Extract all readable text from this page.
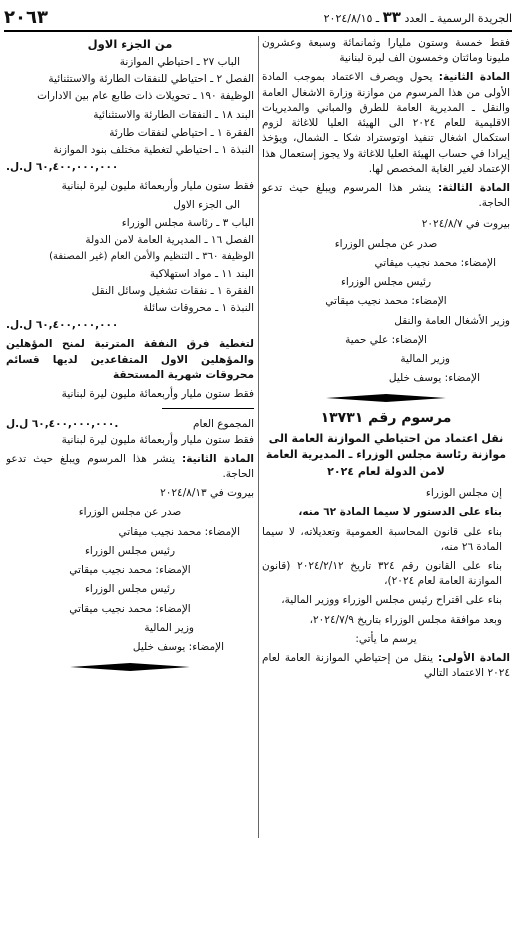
الجريدة الرسمية ـ العدد ٣٣ ـ ٢٠٢٤/٨/١٥
٢٠٦٣

فقط خمسة وستون مليارا وثمانمائة وسبعة وعشرون مليونا ومائتان وخمسون الف ليرة لبنانية

المادة الثانية: يحول ويصرف الاعتماد بموجب المادة الأولى من هذا المرسوم من موازنة وزارة الاشغال العامة والنقل ـ المديرية العامة للطرق والمباني والمديريات الاقليمية للعام ٢٠٢٤ الى الهيئة العليا للاغاثة لزوم استكمال اشغال تنفيذ اوتوستراد شكا ـ الشمال، ويؤخذ إيرادا في حساب الهيئة العليا للاغاثة ولا يجوز إستعمال هذا الإعتماد لغير الغاية المخصص لها.

المادة الثالثة: ينشر هذا المرسوم ويبلغ حيث تدعو الحاجة.

بيروت في ٢٠٢٤/٨/٧

صدر عن مجلس الوزراء

الإمضاء: محمد نجيب ميقاتي

رئيس مجلس الوزراء

الإمضاء: محمد نجيب ميقاتي

وزير الأشغال العامة والنقل

الإمضاء: علي حمية

وزير المالية

الإمضاء: يوسف خليل

مرسوم رقم ١٣٧٣١
نقل اعتماد من احتياطي الموازنة العامة الى موازنة رئاسة مجلس الوزراء ـ المديرية العامة لامن الدولة لعام ٢٠٢٤

إن مجلس الوزراء

بناء على الدستور لا سيما المادة ٦٢ منه،

بناء على قانون المحاسبة العمومية وتعديلاته، لا سيما المادة ٢٦ منه،

بناء على القانون رقم ٣٢٤ تاريخ ٢٠٢٤/٢/١٢ (قانون الموازنة العامة لعام ٢٠٢٤)،

بناء على اقتراح رئيس مجلس الوزراء ووزير المالية،

وبعد موافقة مجلس الوزراء بتاريخ ٢٠٢٤/٧/٩،

يرسم ما يأتي:

المادة الأولى: ينقل من إحتياطي الموازنة العامة لعام ٢٠٢٤ الاعتماد التالي

من الجزء الاول

الباب ٢٧ ـ احتياطي الموازنة

الفصل ٢ ـ احتياطي للنفقات الطارئة والاستثنائية

الوظيفة ١٩٠ ـ تحويلات ذات طابع عام بين الادارات

البند ١٨ ـ النفقات الطارئة والاستثنائية

الفقرة ١ ـ احتياطي لنفقات طارئة

النبذة ١ ـ احتياطي لتغطية مختلف بنود الموازنة

٦٠,٤٠٠,٠٠٠,٠٠٠ ل.ل.

فقط ستون مليار وأربعمائة مليون ليرة لبنانية

الى الجزء الاول

الباب ٣ ـ رئاسة مجلس الوزراء

الفصل ١٦ ـ المديرية العامة لامن الدولة

الوظيفة ٣٦٠ ـ التنظيم والأمن العام (غير المصنفة)

البند ١١ ـ مواد استهلاكية

الفقرة ١ ـ نفقات تشغيل وسائل النقل

النبذة ١ ـ محروقات سائلة

٦٠,٤٠٠,٠٠٠,٠٠٠ ل.ل.

لتغطية فرق النفقة المترتبة لمنح المؤهلين والمؤهلين الاول المتقاعدين لديها قسائم محروقات شهرية المستحقة

فقط ستون مليار وأربعمائة مليون ليرة لبنانية

المجموع العام
٦٠,٤٠٠,٠٠٠,٠٠٠ ل.ل.

فقط ستون مليار وأربعمائة مليون ليرة لبنانية

المادة الثانية: ينشر هذا المرسوم ويبلغ حيث تدعو الحاجة.

بيروت في ٢٠٢٤/٨/١٣

صدر عن مجلس الوزراء

الإمضاء: محمد نجيب ميقاتي

رئيس مجلس الوزراء

الإمضاء: محمد نجيب ميقاتي

رئيس مجلس الوزراء

الإمضاء: محمد نجيب ميقاتي

وزير المالية

الإمضاء: يوسف خليل
